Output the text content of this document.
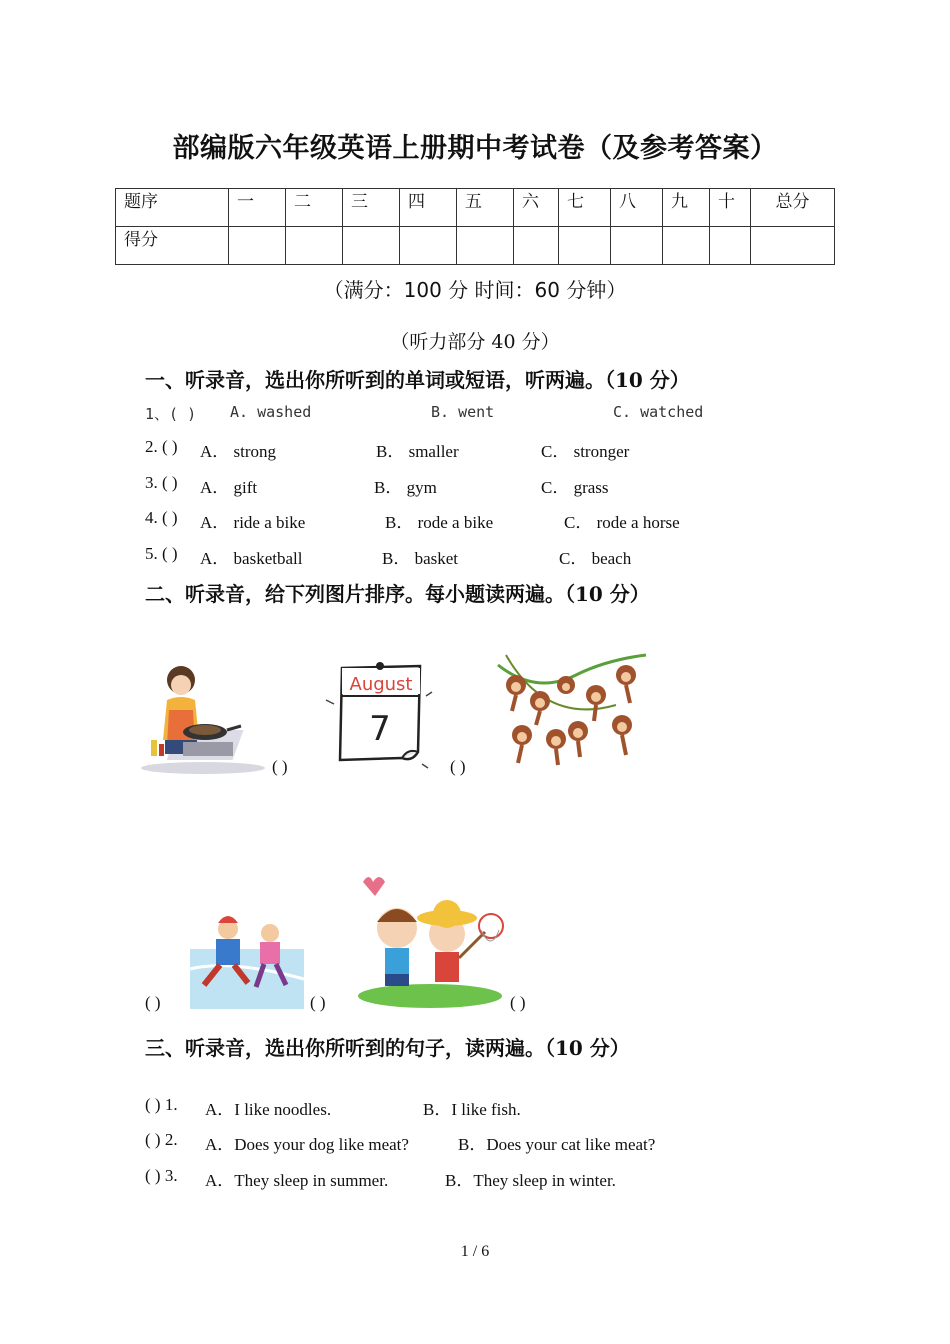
部编版六年级英语上册期中考试卷（及参考答案）
题序	一	二	三	四	五	六	七	八	九	十	总分
得分											
（满分：100 分 时间：60 分钟）
（听力部分 40 分）
一、听录音，选出你所听到的单词或短语，听两遍。（10 分）
1、( ) A. washed	B. went	C. watched
2. ( ) A． strong	B． smaller	C． stronger
3. ( ) A． gift	B． gym	C． grass
4. ( ) A． ride a bike	B． rode a bike	C． rode a horse
5. ( ) A． basketball	B． basket	C． beach
二、听录音，给下列图片排序。每小题读两遍。（10 分）
( )
August
7
( )
( )	( )	( )
三、听录音，选出你所听到的句子，读两遍。（10 分）
( ) 1. A．I like noodles.	B．I like fish.
( ) 2. A．Does your dog like meat?	B．Does your cat like meat?
( ) 3. A．They sleep in summer.	B．They sleep in winter.
1 / 6
